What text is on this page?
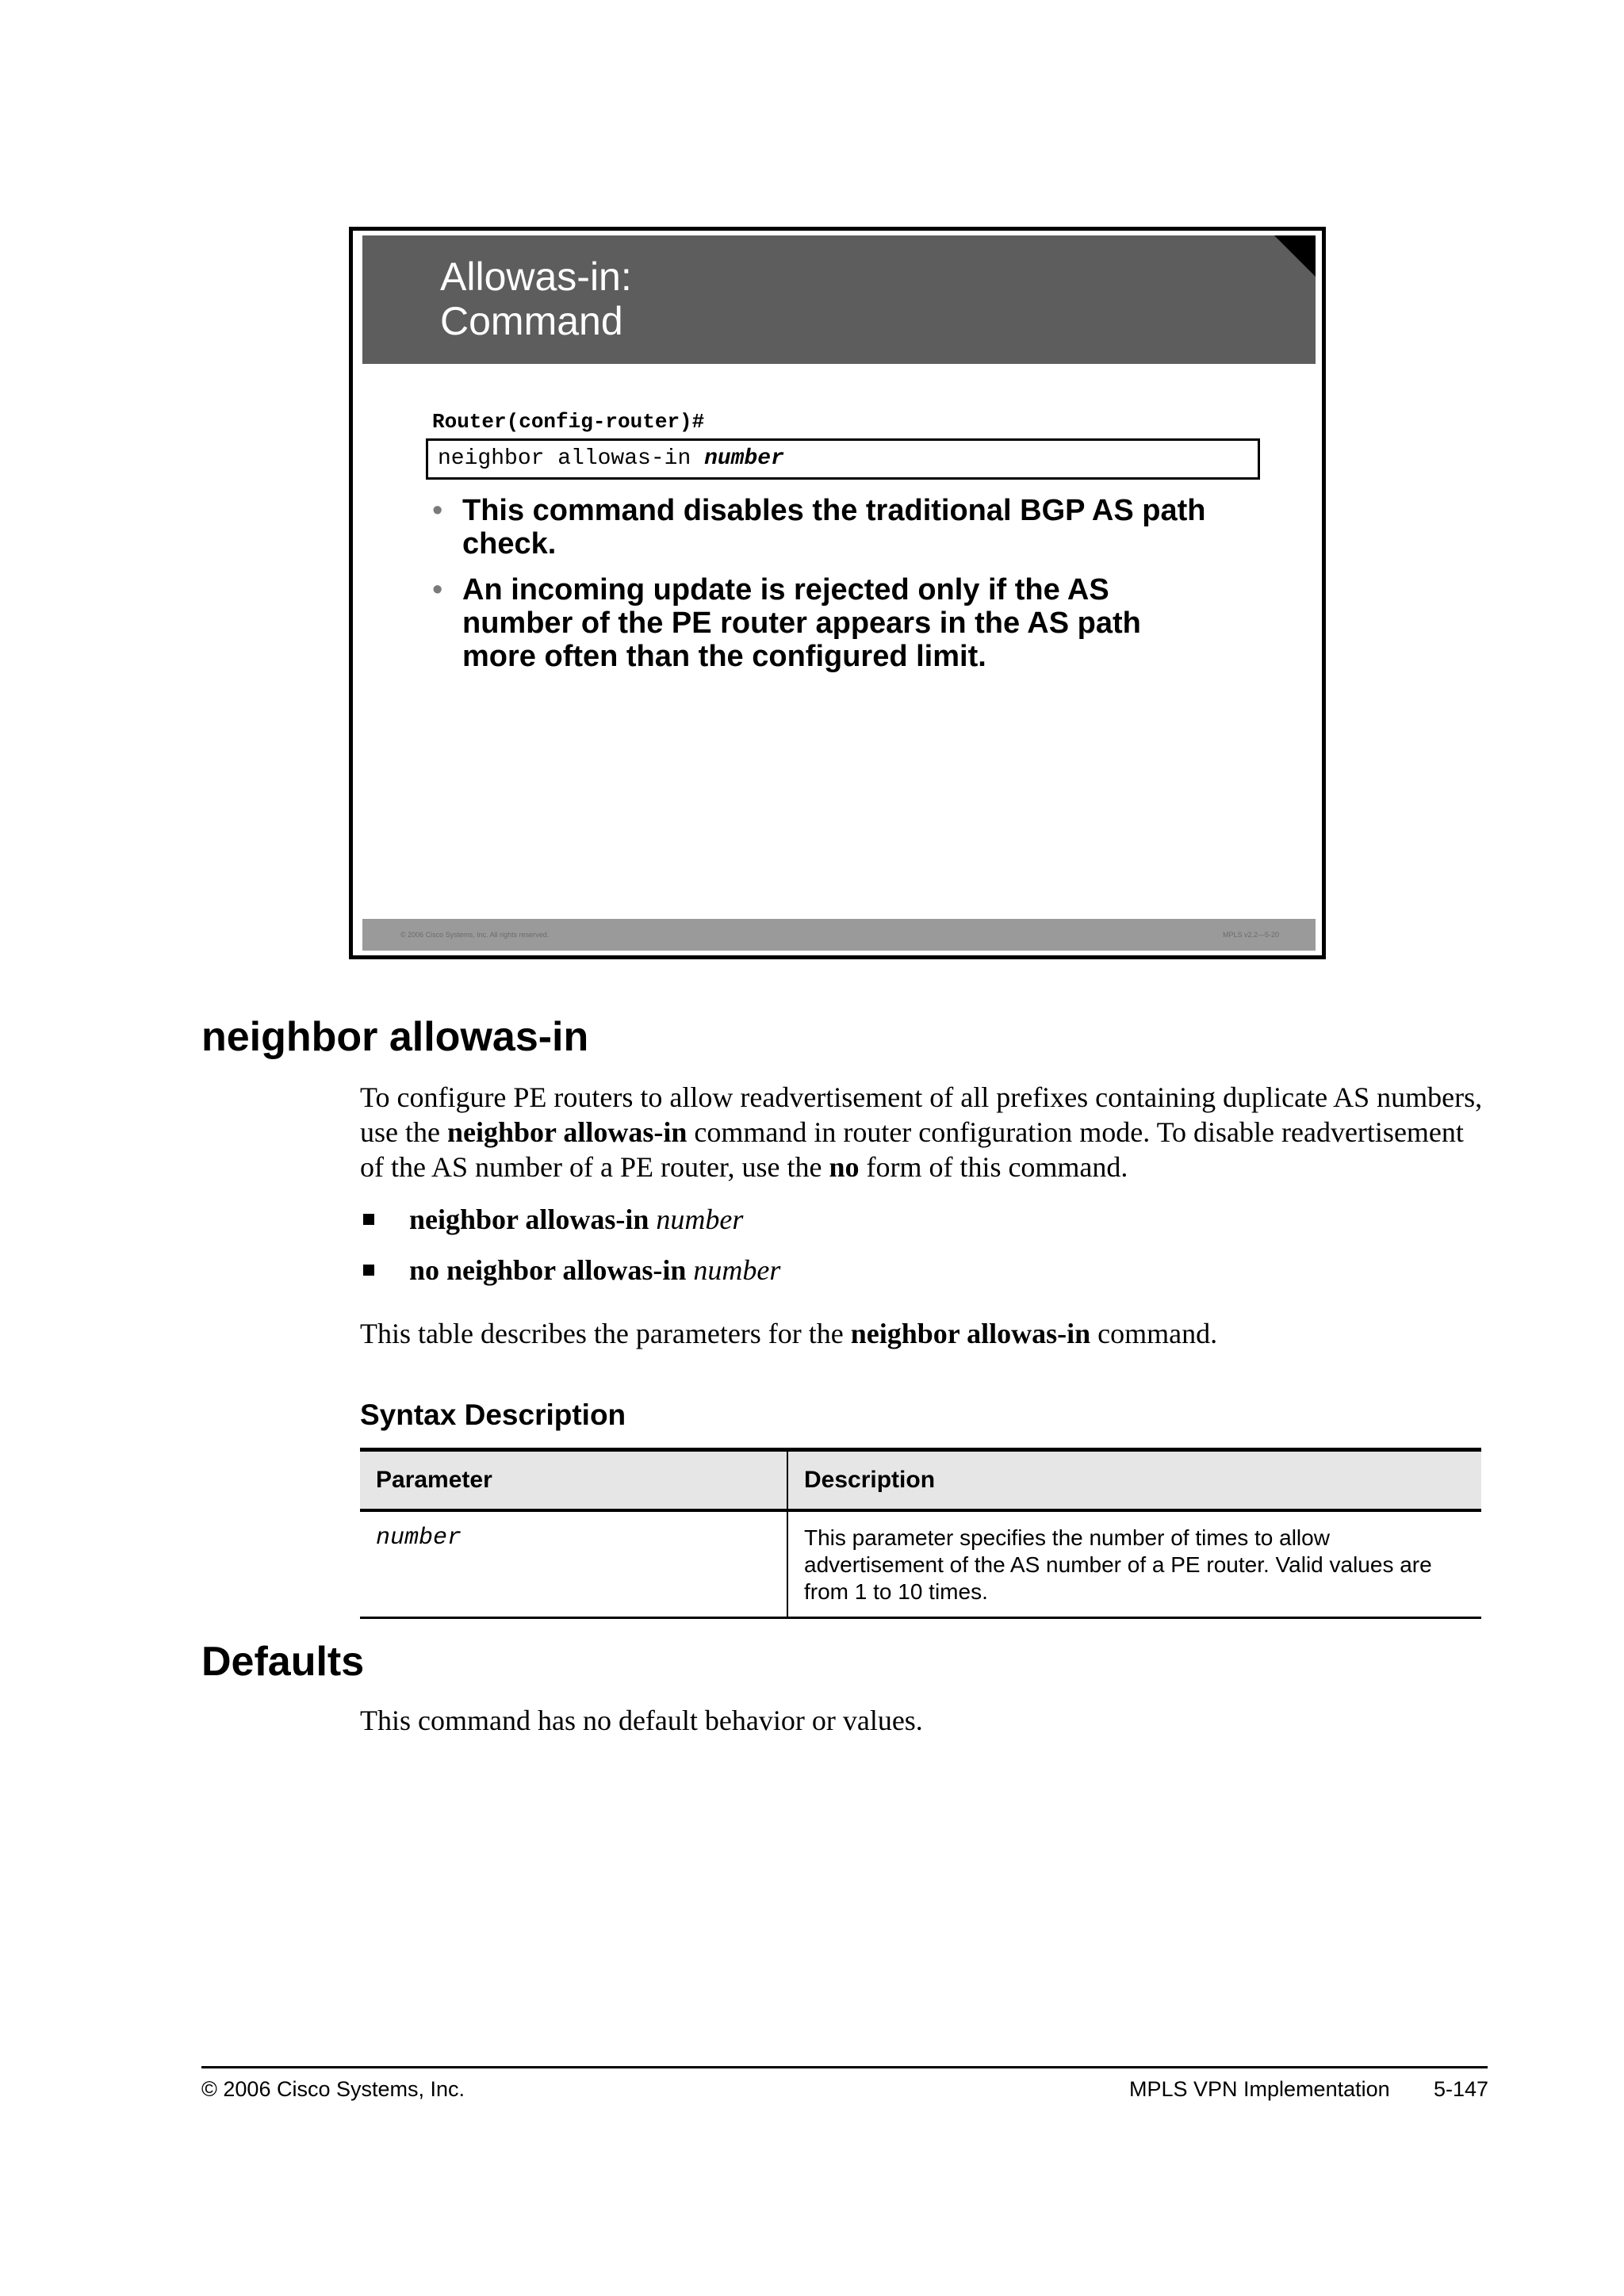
Allowas-in:
Command
Router(config-router)#
neighbor allowas-in number
• This command disables the traditional BGP AS path check.
• An incoming update is rejected only if the AS number of the PE router appears in the AS path more often than the configured limit.
© 2006 Cisco Systems, Inc. All rights reserved.	MPLS v2.2—5-20
neighbor allowas-in

To configure PE routers to allow readvertisement of all prefixes containing duplicate AS numbers, use the neighbor allowas-in command in router configuration mode. To disable readvertisement of the AS number of a PE router, use the no form of this command.

neighbor allowas-in number
no neighbor allowas-in number

This table describes the parameters for the neighbor allowas-in command.

Syntax Description
Parameter	Description
number	This parameter specifies the number of times to allow advertisement of the AS number of a PE router. Valid values are from 1 to 10 times.
Defaults

This command has no default behavior or values.

© 2006 Cisco Systems, Inc.	MPLS VPN Implementation 5-147
